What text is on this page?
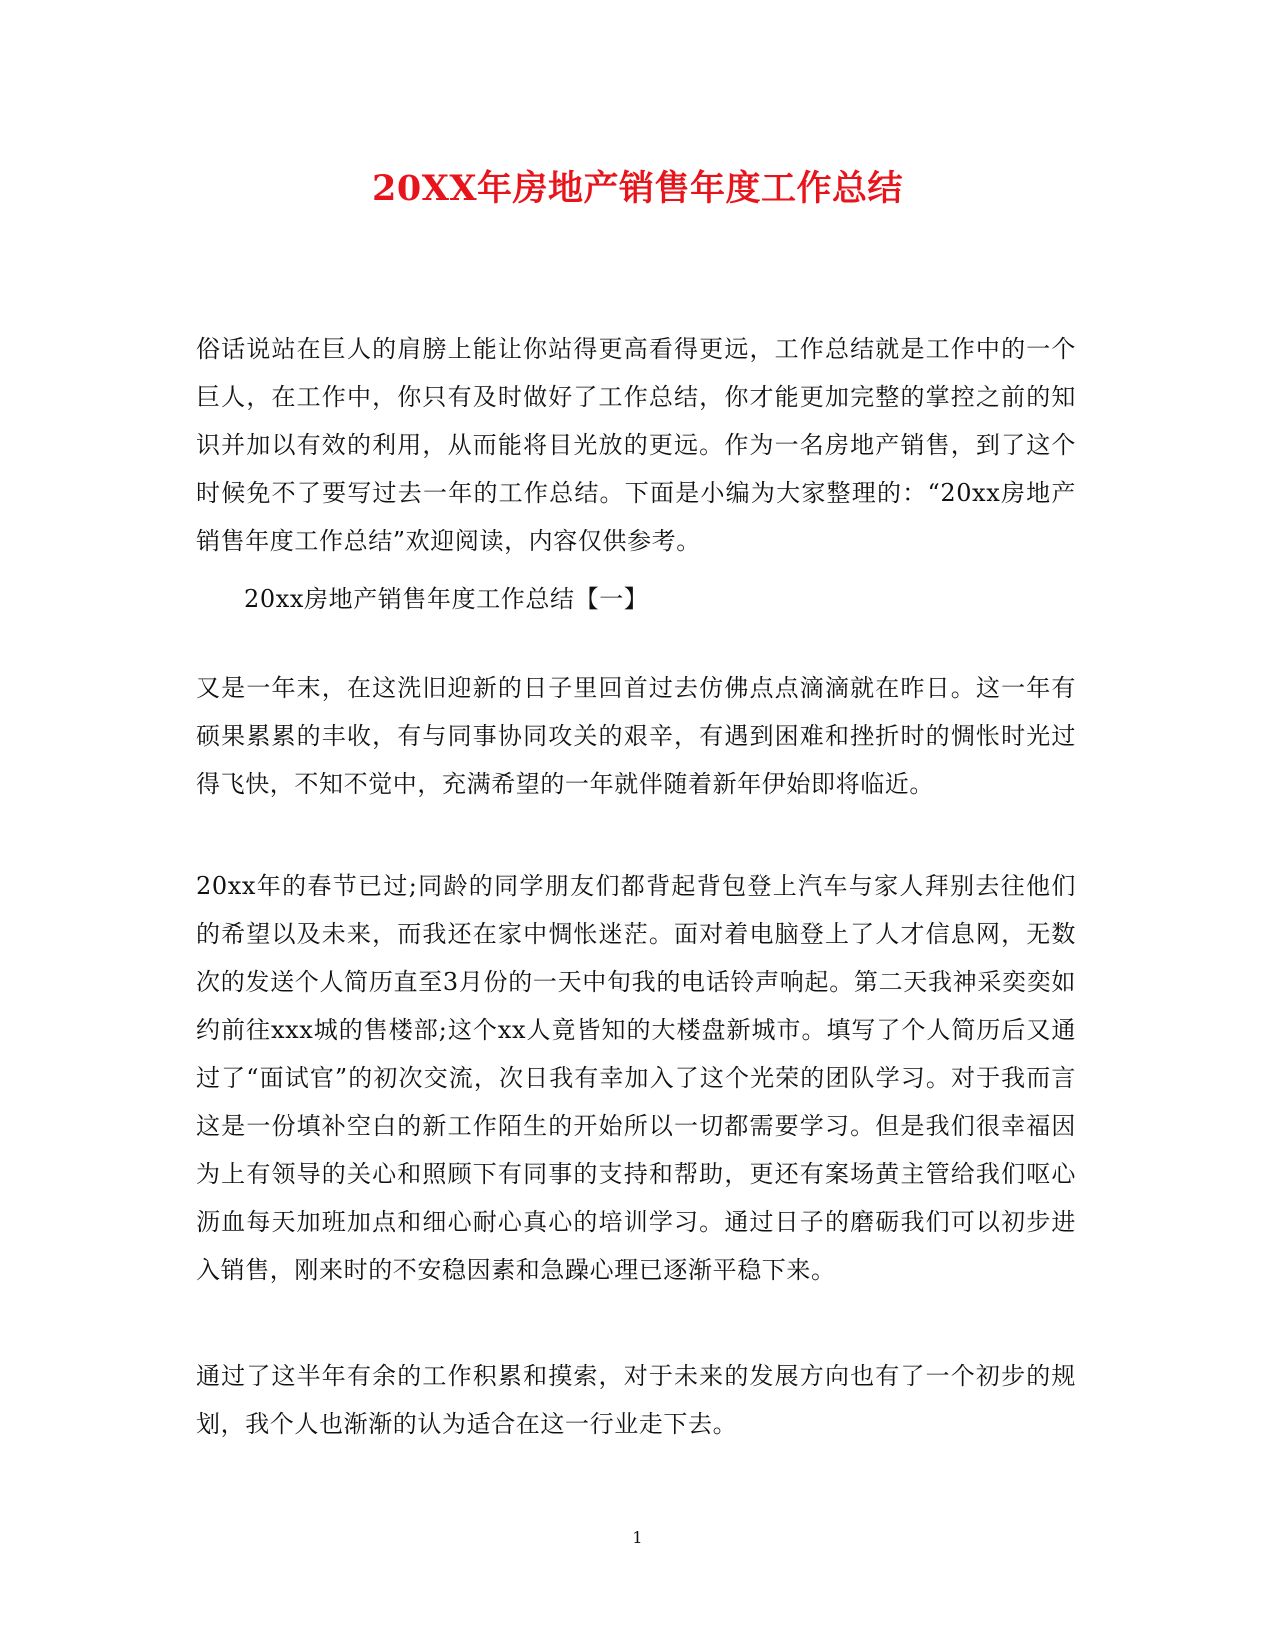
20XX年房地产销售年度工作总结

俗话说站在巨人的肩膀上能让你站得更高看得更远，工作总结就是工作中的一个巨人，在工作中，你只有及时做好了工作总结，你才能更加完整的掌控之前的知识并加以有效的利用，从而能将目光放的更远。作为一名房地产销售，到了这个时候免不了要写过去一年的工作总结。下面是小编为大家整理的：“20xx房地产销售年度工作总结”欢迎阅读，内容仅供参考。

20xx房地产销售年度工作总结【一】

又是一年末，在这洗旧迎新的日子里回首过去仿佛点点滴滴就在昨日。这一年有硕果累累的丰收，有与同事协同攻关的艰辛，有遇到困难和挫折时的惆怅时光过得飞快，不知不觉中，充满希望的一年就伴随着新年伊始即将临近。

20xx年的春节已过;同龄的同学朋友们都背起背包登上汽车与家人拜别去往他们的希望以及未来，而我还在家中惆怅迷茫。面对着电脑登上了人才信息网，无数次的发送个人简历直至3月份的一天中旬我的电话铃声响起。第二天我神采奕奕如约前往xxx城的售楼部;这个xx人竟皆知的大楼盘新城市。填写了个人简历后又通过了“面试官”的初次交流，次日我有幸加入了这个光荣的团队学习。对于我而言这是一份填补空白的新工作陌生的开始所以一切都需要学习。但是我们很幸福因为上有领导的关心和照顾下有同事的支持和帮助，更还有案场黄主管给我们呕心沥血每天加班加点和细心耐心真心的培训学习。通过日子的磨砺我们可以初步进入销售，刚来时的不安稳因素和急躁心理已逐渐平稳下来。

通过了这半年有余的工作积累和摸索，对于未来的发展方向也有了一个初步的规划，我个人也渐渐的认为适合在这一行业走下去。

1
